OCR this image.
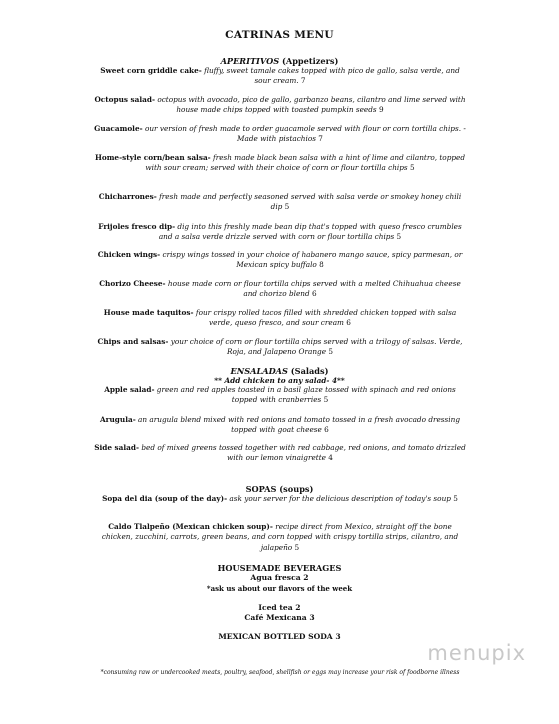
CATRINAS MENU
APERITIVOS (Appetizers)
Sweet corn griddle cake- fluffy, sweet tamale cakes topped with pico de gallo, salsa verde, and sour cream. 7
Octopus salad- octopus with avocado, pico de gallo, garbanzo beans, cilantro and lime served with house made chips topped with toasted pumpkin seeds 9
Guacamole- our version of fresh made to order guacamole served with flour or corn tortilla chips. -Made with pistachios 7
Home-style corn/bean salsa- fresh made black bean salsa with a hint of lime and cilantro, topped with sour cream; served with their choice of corn or flour tortilla chips 5
Chicharrones- fresh made and perfectly seasoned served with salsa verde or smokey honey chili dip 5
Frijoles fresco dip- dig into this freshly made bean dip that's topped with queso fresco crumbles and a salsa verde drizzle served with corn or flour tortilla chips 5
Chicken wings- crispy wings tossed in your choice of habanero mango sauce, spicy parmesan, or Mexican spicy buffalo 8
Chorizo Cheese- house made corn or flour tortilla chips served with a melted Chihuahua cheese and chorizo blend 6
House made taquitos- four crispy rolled tacos filled with shredded chicken topped with salsa verde, queso fresco, and sour cream 6
Chips and salsas- your choice of corn or flour tortilla chips served with a trilogy of salsas. Verde, Roja, and Jalapeno Orange 5
ENSALADAS (Salads)
** Add chicken to any salad- 4**
Apple salad- green and red apples toasted in a basil glaze tossed with spinach and red onions topped with cranberries 5
Arugula- an arugula blend mixed with red onions and tomato tossed in a fresh avocado dressing topped with goat cheese 6
Side salad- bed of mixed greens tossed together with red cabbage, red onions, and tomato drizzled with our lemon vinaigrette 4
SOPAS (soups)
Sopa del dia (soup of the day)- ask your server for the delicious description of today's soup 5
Caldo Tlalpeño (Mexican chicken soup)- recipe direct from Mexico, straight off the bone chicken, zucchini, carrots, green beans, and corn topped with crispy tortilla strips, cilantro, and jalapeño 5
HOUSEMADE BEVERAGES
Agua fresca 2
*ask us about our flavors of the week
Iced tea 2
Café Mexicana 3
MEXICAN BOTTLED SODA 3
menupix
*consuming raw or undercooked meats, poultry, seafood, shellfish or eggs may increase your risk of foodborne illness
